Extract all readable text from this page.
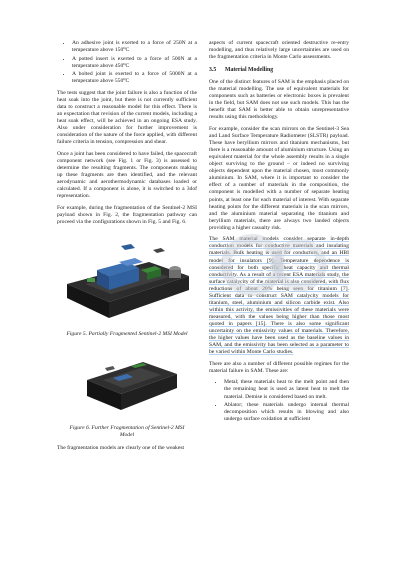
• An adhesive joint is exerted to a force of 250N at a temperature above 150⁰C
• A potted insert is exerted to a force of 500N at a temperature above 450⁰C
• A bolted joint is exerted to a force of 5000N at a temperature above 550⁰C

The tests suggest that the joint failure is also a function of the heat soak into the joint, but there is not currently sufficient data to construct a reasonable model for this effect. There is an expectation that revision of the current models, including a heat soak effect, will be achieved in an ongoing ESA study. Also under consideration for further improvement is consideration of the nature of the force applied, with different failure criteria in tension, compression and shear.

Once a joint has been considered to have failed, the spacecraft component network (see Fig. 1 or Fig. 3) is assessed to determine the resulting fragments. The components making up these fragments are then identified, and the relevant aerodynamic and aerothermodynamic databases loaded or calculated. If a component is alone, it is switched to a 3dof representation.

For example, during the fragmentation of the Sentinel-2 MSI payload shown in Fig. 2, the fragmentation pathway can proceed via the configurations shown in Fig. 5 and Fig. 6.

Figure 5. Partially Fragmented Sentinel-2 MSI Model

Figure 6. Further Fragmentation of Sentinel-2 MSI Model

The fragmentation models are clearly one of the weakest

aspects of current spacecraft oriented destructive re-entry modelling, and thus relatively large uncertainties are used on the fragmentation criteria in Monte Carlo assessments.

3.5 Material Modelling

One of the distinct features of SAM is the emphasis placed on the material modelling. The use of equivalent materials for components such as batteries or electronic boxes is prevalent in the field, but SAM does not use such models. This has the benefit that SAM is better able to obtain unrepresentative results using this methodology.

For example, consider the scan mirrors on the Sentinel-3 Sea and Land Surface Temperature Radiometer (SLSTR) payload. These have beryllium mirrors and titanium mechanisms, but there is a reasonable amount of aluminium structure. Using an equivalent material for the whole assembly results in a single object surviving to the ground – or indeed no surviving objects dependent upon the material chosen, most commonly aluminium. In SAM, where it is important to consider the effect of a number of materials in the composition, the component is modelled with a number of separate heating points, at least one for each material of interest. With separate heating points for the different materials in the scan mirrors, and the aluminium material separating the titanium and beryllium materials, there are always two landed objects providing a higher casualty risk.

The SAM material models consider separate in-depth conduction models for conductive materials and insulating materials. Bulk heating is used for conductors, and an HBI model for insulators [9]. Temperature dependence is considered for both specific heat capacity and thermal conductivity. As a result of a recent ESA materials study, the surface catalycity of the material is also considered, with flux reductions of about 20% being seen for titanium [7]. Sufficient data to construct SAM catalycity models for titanium, steel, aluminium and silicon carbide exist. Also within this activity, the emissivities of these materials were measured, with the values being higher than those most quoted in papers [15]. There is also some significant uncertainty on the emissivity values of materials. Therefore, the higher values have been used as the baseline values in SAM, and the emissivity has been selected as a parameter to be varied within Monte Carlo studies.

There are also a number of different possible regimes for the material failure in SAM. These are:

• Metal; these materials heat to the melt point and then the remaining heat is used as latent heat to melt the material. Demise is considered based on melt.
• Ablator; these materials undergo internal thermal decomposition which results in blowing and also undergo surface oxidation at sufficient
